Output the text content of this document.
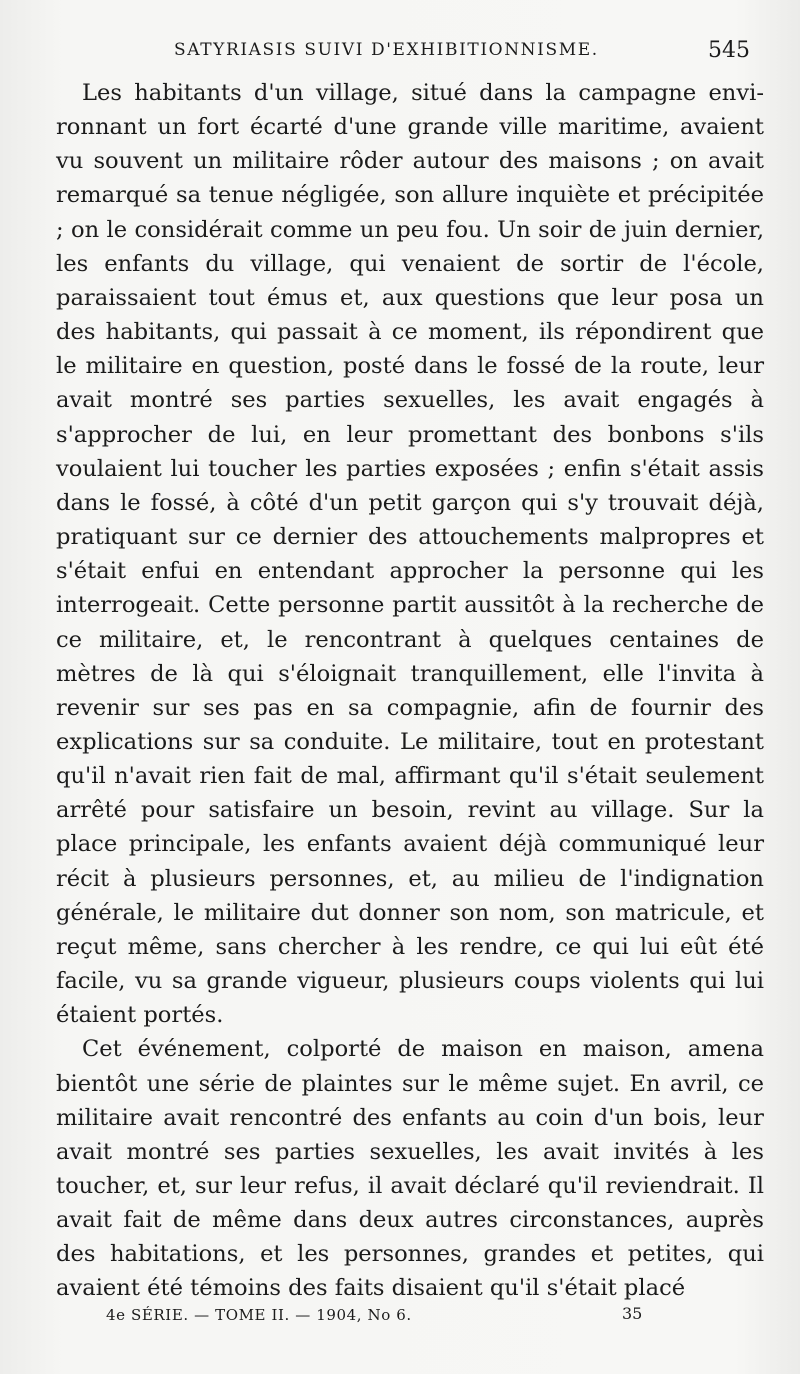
SATYRIASIS SUIVI D'EXHIBITIONNISME.	545

Les habitants d'un village, situé dans la campagne environnant un fort écarté d'une grande ville maritime, avaient vu souvent un militaire rôder autour des maisons ; on avait remarqué sa tenue négligée, son allure inquiète et précipitée ; on le considérait comme un peu fou. Un soir de juin dernier, les enfants du village, qui venaient de sortir de l'école, paraissaient tout émus et, aux questions que leur posa un des habitants, qui passait à ce moment, ils répondirent que le militaire en question, posté dans le fossé de la route, leur avait montré ses parties sexuelles, les avait engagés à s'approcher de lui, en leur promettant des bonbons s'ils voulaient lui toucher les parties exposées ; enfin s'était assis dans le fossé, à côté d'un petit garçon qui s'y trouvait déjà, pratiquant sur ce dernier des attouchements malpropres et s'était enfui en entendant approcher la personne qui les interrogeait. Cette personne partit aussitôt à la recherche de ce militaire, et, le rencontrant à quelques centaines de mètres de là qui s'éloignait tranquillement, elle l'invita à revenir sur ses pas en sa compagnie, afin de fournir des explications sur sa conduite. Le militaire, tout en protestant qu'il n'avait rien fait de mal, affirmant qu'il s'était seulement arrêté pour satisfaire un besoin, revint au village. Sur la place principale, les enfants avaient déjà communiqué leur récit à plusieurs personnes, et, au milieu de l'indignation générale, le militaire dut donner son nom, son matricule, et reçut même, sans chercher à les rendre, ce qui lui eût été facile, vu sa grande vigueur, plusieurs coups violents qui lui étaient portés.

Cet événement, colporté de maison en maison, amena bientôt une série de plaintes sur le même sujet. En avril, ce militaire avait rencontré des enfants au coin d'un bois, leur avait montré ses parties sexuelles, les avait invités à les toucher, et, sur leur refus, il avait déclaré qu'il reviendrait. Il avait fait de même dans deux autres circonstances, auprès des habitations, et les personnes, grandes et petites, qui avaient été témoins des faits disaient qu'il s'était placé

4e SÉRIE. — TOME II. — 1904, No 6.	35
